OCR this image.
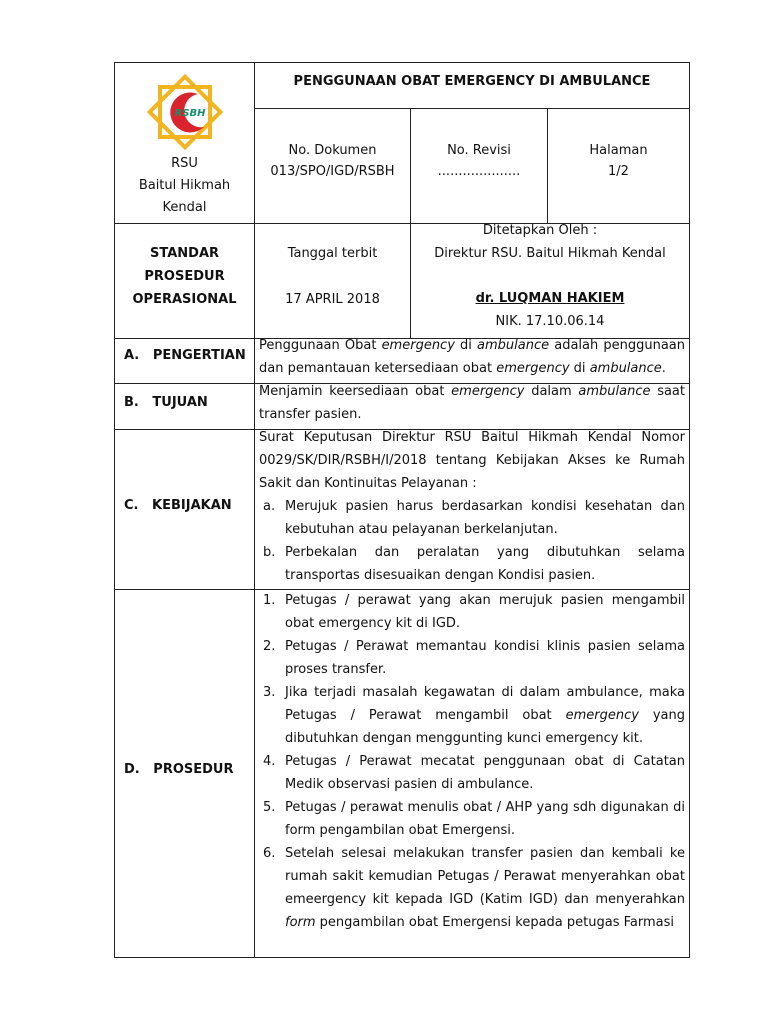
RSBH
RSU
Baitul Hikmah
Kendal
PENGGUNAAN OBAT EMERGENCY DI AMBULANCE
No. Dokumen
013/SPO/IGD/RSBH
No. Revisi
....................
Halaman
1/2
STANDAR
PROSEDUR
OPERASIONAL
Tanggal terbit
17 APRIL 2018
Ditetapkan Oleh :
Direktur RSU. Baitul Hikmah Kendal
dr. LUQMAN HAKIEM
NIK. 17.10.06.14
A.   PENGERTIAN
B.   TUJUAN
C.   KEBIJAKAN
D.   PROSEDUR
Penggunaan Obat emergency di ambulance adalah penggunaan dan pemantauan ketersediaan obat emergency di ambulance.
Menjamin keersediaan obat emergency dalam ambulance saat transfer pasien.
Surat Keputusan Direktur RSU Baitul Hikmah Kendal Nomor 0029/SK/DIR/RSBH/I/2018 tentang Kebijakan Akses ke Rumah Sakit dan Kontinuitas Pelayanan :
a. Merujuk pasien harus berdasarkan kondisi kesehatan dan kebutuhan atau pelayanan berkelanjutan.
b. Perbekalan dan peralatan yang dibutuhkan selama transportas disesuaikan dengan Kondisi pasien.
1. Petugas / perawat yang akan merujuk pasien mengambil obat emergency kit di IGD.
2. Petugas / Perawat memantau kondisi klinis pasien selama proses transfer.
3. Jika terjadi masalah kegawatan di dalam ambulance, maka Petugas / Perawat mengambil obat emergency yang dibutuhkan dengan menggunting kunci emergency kit.
4. Petugas / Perawat mecatat penggunaan obat di Catatan Medik observasi pasien di ambulance.
5. Petugas / perawat menulis obat / AHP yang sdh digunakan di form pengambilan obat Emergensi.
6. Setelah selesai melakukan transfer pasien dan kembali ke rumah sakit kemudian Petugas / Perawat menyerahkan obat emeergency kit kepada IGD (Katim IGD) dan menyerahkan form pengambilan obat Emergensi kepada petugas Farmasi
